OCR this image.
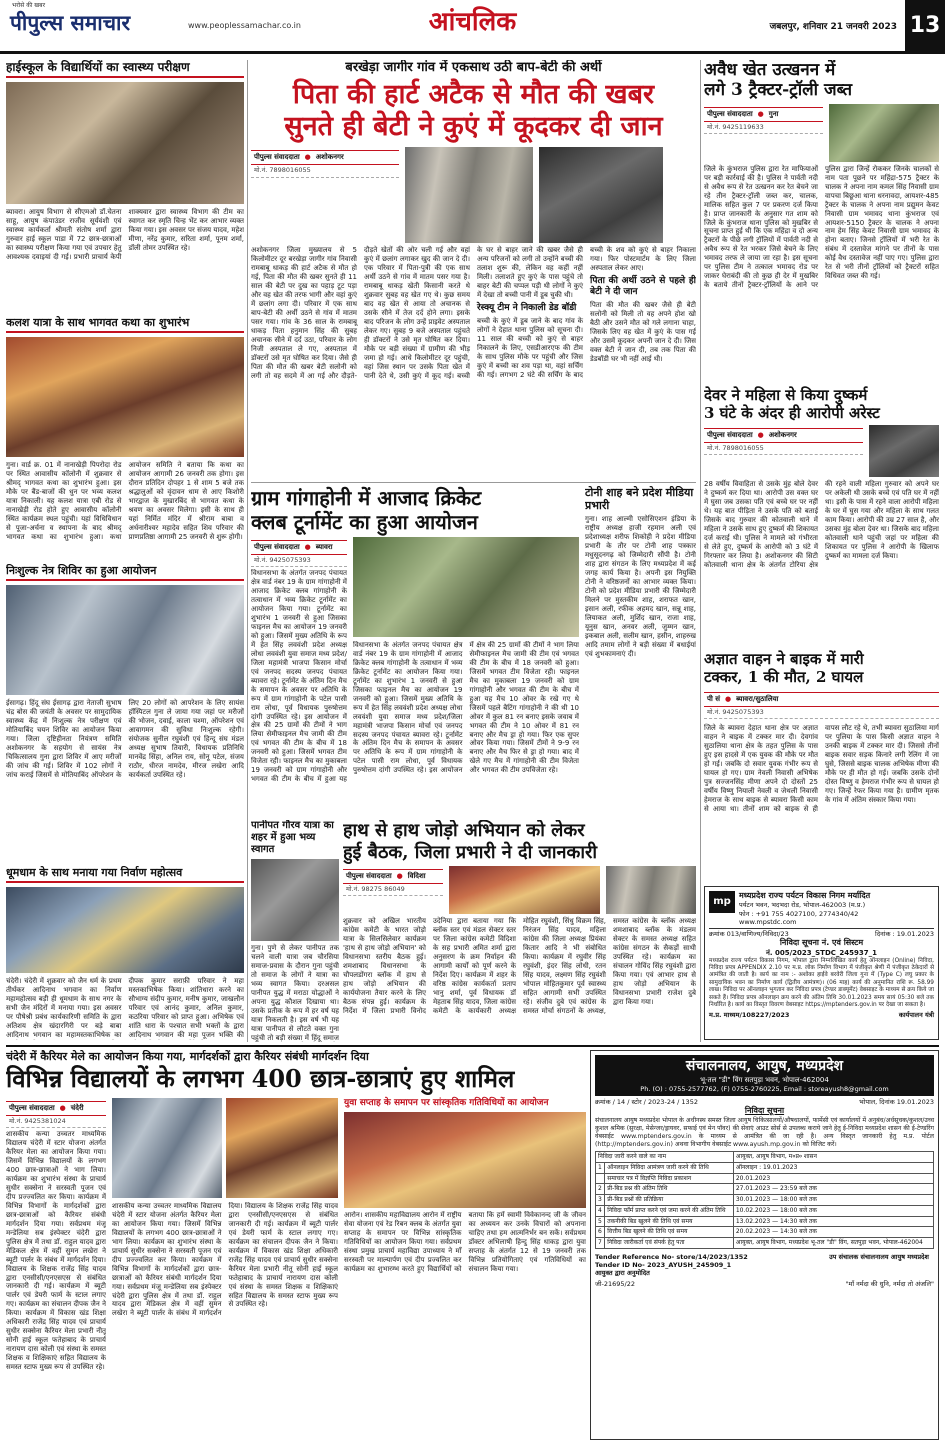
भरोसे की खबर
पीपुल्स समाचार	www.peoplessamachar.co.in	आंचलिक	जबलपुर, शनिवार 21 जनवरी 2023 13
हाईस्कूल के विद्यार्थियों का स्वास्थ्य परीक्षण
ब्यावरा। आयुष विभाग से सीएमओ डॉ.चेतना साहू, आयुष कंपाउंडर राजीव सूर्यवंशी एवं स्वास्थ्य कार्यकर्ता श्रीमती संतोष शर्मा द्वारा गुरुवार हाई स्कूल पाडा में 72 छात्र-छात्राओं का स्वास्थ्य परीक्षण किया गया एवं उपचार हेतु आवश्यक दवाइयां दी गई। प्रभारी प्राचार्य केपी शाक्यवार द्वारा स्वास्थ्य विभाग की टीम का स्वागत कर स्मृति चिन्ह भेंट कर आभार व्यक्त किया गया। इस अवसर पर संजय यादव, महेश मीणा, नरेंद्र कुमार, सरिता शर्मा, पूनम शर्मा, डॉली तोमर उपस्थित रहे।
कलश यात्रा के साथ भागवत कथा का शुभारंभ
गुना। वार्ड क्र. 01 में नानाखेड़ी पिपरोदा रोड पर स्थित आवासीय कॉलोनी में शुक्रवार से श्रीमद् भागवत कथा का शुभारंभ हुआ। इस मौके पर बैंड-बाजों की धुन पर भव्य कलश यात्रा निकाली। यह कलश यात्रा एबी रोड से नानाखेड़ी रोड होते हुए आवासीय कॉलोनी स्थित कार्यक्रम स्थल पहुंची। यहां विधिविधान से पूजा-अर्चना व स्थापना के बाद श्रीमद् भागवत कथा का शुभारंभ हुआ। कथा आयोजन समिति ने बताया कि कथा का आयोजन आगामी 26 जनवरी तक होगा। इस दौरान प्रतिदिन दोपहर 1 से शाम 5 बजे तक श्रद्धालुओं को वृंदावन धाम से आए किशोरी भारद्वाज के मुखारबिंद से भागवत कथा के श्रवण का अवसर मिलेगा। इसी के साथ ही यहां निर्मित मंदिर में श्रीराम बाबा व अर्धनारीश्वर महादेव सहित शिव परिवार की प्राणप्रतिष्ठा आगामी 25 जनवरी से शुरू होगी।
निःशुल्क नेत्र शिविर का हुआ आयोजन
ईसागढ़। हिंदू संघ ईसागढ़ द्वारा नेताजी सुभाष चंद्र बोस की जयंती के अवसर पर सामुदायिक स्वास्थ्य केंद्र में निःशुल्क नेत्र परीक्षण एवं मोतियाबिंद चयन शिविर का आयोजन किया गया। जिला दृष्टिहीनता नियंत्रण समिति अशोकनगर के सहयोग से सायंस नेत्र चिकित्सालय गुना द्वारा शिविर में आए मरीजों की जांच की गई। शिविर में 102 लोगों ने जांच कराई जिसमें से मोतियाबिंद ऑपरेशन के लिए 20 लोगों को आपरेशन के लिए सायंस हॉस्पिटल गुना ले जाया गया जहां पर मरीजों की भोजन, दवाई, काला चश्मा, ऑपरेशन एवं आवागमन की सुविधा निःशुल्क रहेगी। संयोजक सुनील रघुवंशी एवं हिन्दू संघ मंडल अध्यक्ष सुभाष तिवारी, विधायक प्रतिनिधि मानवेंद्र सिंहा, अनिल राय, सोनू पटेल, संजय राठौर, धीरज नामदेव, मीरज लखेरा आदि कार्यकर्ता उपस्थित रहे।
धूमधाम के साथ मनाया गया निर्वाण महोत्सव
चंदेरी। चंदेरी में शुक्रवार को जैन धर्म के प्रथम तीर्थंकर आदिनाथ भगवान का निर्वाण महामहोत्सव बड़ी ही धूमधाम के साथ नगर के सभी जैन मंदिरों में मनाया गया। इस अवसर पर पौषेश्री प्रबंध कार्यकारिणी समिति के द्वारा अतिशय क्षेत्र खंदारगिरी पर बड़े बाबा आदिनाथ भगवान का महामस्तकाभिषेक का दीपक कुमार सराफ़ी परिवार ने महा मस्तकाभिषेक किया। शांतिधारा करने का सौभाग्य संदीप कुमार, मनीष कुमार, जाखलौन परिवार एवं आनंद कुमार, अनिल कुमार, कठरिया परिवार को प्राप्त हुआ। अभिषेक एवं शांति धारा के पश्चात सभी भक्तों के द्वारा आदिनाथ भगवान की महा पूजन भक्ति की
बरखेड़ा जागीर गांव में एकसाथ उठी बाप-बेटी की अर्थी
पिता की हार्ट अटैक से मौत की खबर
सुनते ही बेटी ने कुएं में कूदकर दी जान
पीपुल्स संवाददाता ● अशोकनगर
मो.नं. 7898016055
अशोकनगर जिला मुख्यालय से 5 किलोमीटर दूर बरखेड़ा जागीर गांव निवासी रामबाबू धाकड़ की हार्ट अटैक से मौत हो गई, पिता की मौत की खबर सुनते ही 11 साल की बेटी पर दुख का पहाड़ टूट पड़ा और वह खेत की तरफ भागी और वहां कुएं में छलांग लगा दी। परिवार में एक साथ बाप-बेटी की अर्थी उठने से गांव में मातम पसर गया। गांव के 36 साल के रामबाबू धाकड़ पिता हनुमान सिंह की सुबह अचानक सीने में दर्द उठा, परिवार के लोग निजी अस्पताल ले गए, अस्पताल में डॉक्टरों उसे मृत घोषित कर दिया। जैसे ही पिता की मौत की खबर बेटी सलोनी को लगी तो वह सदमे में आ गई और दौड़ते-दौड़ते खेतों की ओर चली गई और वहां कुएं में छलांग लगाकर खुद की जान दे दी। एक परिवार में पिता-पुत्री की एक साथ अर्थी उठने से गांव में मातम पसर गया है। रामबाबू धाकड़ खेती किसानी करते थे शुक्रवार सुबह वह खेत गए थे। कुछ समय बाद वह खेत से आया तो अचानक से उसके सीने में तेज दर्द होने लगा। इसके बाद परिजन के लोग उन्हें प्राइवेट अस्पताल लेकर गए। सुबह 9 बजे अस्पताल पहुंचते ही डॉक्टरों ने उसे मृत घोषित कर दिया। मौके पर बड़ी संख्या में ग्रामीण की भीड़ जमा हो गई। आधे किलोमीटर दूर पहुंची, वहां जिस स्थान पर उसके पिता खेत में पानी देते थे, उसी कुएं में कूद गई। बच्ची के घर से बाहर जाने की खबर जैसे ही अन्य परिजनों को लगी तो उन्होंने बच्ची की तलाश शुरू की, लेकिन वह कहीं नहीं मिली। तलाशते हुए कुएं के पास पहुंचे तो बाहर बेटी की चप्पल पड़ी थी लोगों ने कुएं में देखा तो बच्ची पानी में डूब चुकी थी।
रेस्क्यू टीम ने निकाली डेड बॉडी
बच्ची के कुएं में डूब जाने के बाद गांव के लोगों ने देहात थाना पुलिस को सूचना दी। 11 साल की बच्ची को कुएं से बाहर निकालने के लिए, एसडीआरएफ की टीम के साथ पुलिस मौके पर पहुंची और जिस कुएं में बच्ची का शव पड़ा था, वहां सर्चिंग की गई। लगभग 2 घंटे की सर्चिंग के बाद बच्ची के शव को कुएं से बाहर निकाला गया। फिर पोस्टमार्टम के लिए जिला अस्पताल लेकर आए।
पिता की अर्थी उठने से पहले ही बेटी ने दी जान
पिता की मौत की खबर जैसे ही बेटी सलोनी को मिली तो वह अपने होश खो बैठी और उसने मौत को गले लगाना चाहा, जिसके लिए वह खेत में कुएं के पास गई और उसमें कूदकर अपनी जान दे दी। जिस वक्त बेटी ने जान दी, तब तक पिता की डेडबॉडी घर भी नहीं आई थी।
ग्राम गांगाहोनी में आजाद क्रिकेट
क्लब टूर्नामेंट का हुआ आयोजन
पीपुल्स संवाददाता ● ब्यावरा
मो.नं. 9425075393
विधानसभा के अंतर्गत जनपद पंचायत क्षेत्र वार्ड नंबर 19 के ग्राम गांगाहोनी में आजाद क्रिकेट क्लब गांगाहोनी के तत्वाधान में भव्य क्रिकेट टूर्नामेंट का आयोजन किया गया। टूर्नामेंट का शुभारंभ 1 जनवरी से हुआ जिसका फाइनल मैच का आयोजन 19 जनवरी को हुआ। जिसमें मुख्य अतिथि के रूप में हेत सिंह लववंशी प्रदेश अध्यक्ष लोधा लववंशी युवा समाज मध्य प्रदेश/जिला महामंत्री भाजपा किसान मोर्चा एवं जनपद सदस्य जनपद पंचायत ब्यावरा रहे। टूर्नामेंट के अंतिम दिन मैच के समापन के अवसर पर अतिथि के रूप में ग्राम गांगाहोनी के पटेल पासी राम लोधा, पूर्व विधायक पुरुषोत्तम दांगी उपस्थित रहे। इस आयोजन में क्षेत्र की 25 ग्रामों की टीमों ने भाग लिया सेमीफाइनल मैच जामी की टीम एवं भगवत की टीम के बीच में 18 जनवरी को हुआ। जिसमें भगवत टीम विजेता रही। फाइनल मैच का मुकाबला 19 जनवरी को ग्राम गांगाहोनी और भगवत की टीम के बीच में हुआ यह
विधानसभा के अंतर्गत जनपद पंचायत क्षेत्र वार्ड नंबर 19 के ग्राम गांगाहोनी में आजाद क्रिकेट क्लब गांगाहोनी के तत्वाधान में भव्य क्रिकेट टूर्नामेंट का आयोजन किया गया। टूर्नामेंट का शुभारंभ 1 जनवरी से हुआ जिसका फाइनल मैच का आयोजन 19 जनवरी को हुआ। जिसमें मुख्य अतिथि के रूप में हेत सिंह लववंशी प्रदेश अध्यक्ष लोधा लववंशी युवा समाज मध्य प्रदेश/जिला महामंत्री भाजपा किसान मोर्चा एवं जनपद सदस्य जनपद पंचायत ब्यावरा रहे। टूर्नामेंट के अंतिम दिन मैच के समापन के अवसर पर अतिथि के रूप में ग्राम गांगाहोनी के पटेल पासी राम लोधा, पूर्व विधायक पुरुषोत्तम दांगी उपस्थित रहे। इस आयोजन में क्षेत्र की 25 ग्रामों की टीमों ने भाग लिया सेमीफाइनल मैच जामी की टीम एवं भगवत की टीम के बीच में 18 जनवरी को हुआ। जिसमें भगवत टीम विजेता रही। फाइनल मैच का मुकाबला 19 जनवरी को ग्राम गांगाहोनी और भगवत की टीम के बीच में हुआ यह मैच 10 ओवर के रखे गए थे जिसमें पहले बैटिंग गांगाहोनी ने की थी 10 ओवर में कुल 81 रन बनाए इसके जवाब में भगवत की टीम ने 10 ओवर में 81 रन बनाए और मैच ड्रा हो गया। फिर एक सुपर ओवर किया गया। जिसमें टीमों ने 9-9 रन बनाए और मैच फिर से ड्रा हो गया। बाद में खेले गए मैच में गांगाहोनी की टीम विजेता और भगवत की टीम उपविजेता रहे।
टोनी शाह बने प्रदेश मीडिया प्रभारी
गुना। शाह आल्मी एसोसिएशन इंडिया के राष्ट्रीय अध्यक्ष हाजी रहमान अली एवं प्रदेशाध्यक्ष शरीफ शिकोही ने प्रदेश मीडिया प्रभारी के तौर पर टोनी शाह पत्रकार मधुसूदनगढ़ को जिम्मेदारी सौंपी है। टोनी शाह द्वारा संगठन के लिए मध्यप्रदेश में कई जगह कार्य किया है। अपनी इस नियुक्ति टोनी ने वरिष्ठजनों का आभार व्यक्त किया। टोनी को प्रदेश मीडिया प्रभारी की जिम्मेदारी मिलने पर मुस्तकीम शाह, शराफत खान, इसान अली, रफीक अहमद खान, सन्नू शाह, लियाकत अली, मुर्शिद खान, राजा शाह, यूनुस खान, अनवर अली, जुम्मन खान, इकबाल अली, सलीम खान, हसीन, शाहरुख आदि तमाम लोगों ने बड़ी संख्या में बधाईयां एवं शुभकामनाएं दी।
पानीपत गौरव यात्रा का शहर में हुआ भव्य स्वागत
गुना। पुणे से लेकर पानीपत तक चलने वाली यात्रा जब चौरसिया समाज-प्रवास के दौरान गुना पहुंची तो समाज के लोगों ने यात्रा का भव्य स्वागत किया। दरअसल पानीपत युद्ध में मराठा योद्धाओं ने अपना युद्ध कौशल दिखाया था। उसके प्रतीक के रूप में हर वर्ष यह यात्रा निकलती है। इस वर्ष भी यह यात्रा पानीपत से लौटते वक्त गुना पहुंची तो बड़ी संख्या में हिंदू समाज
हाथ से हाथ जोड़ो अभियान को लेकर
हुई बैठक, जिला प्रभारी ने दी जानकारी
पीपुल्स संवाददाता ● विदिशा
मो.नं. 98275 86049
शुक्रवार को अखिल भारतीय कांग्रेस कमेटी के भारत जोड़ो यात्रा के सिलसिलेवार कार्यक्रम 'हाथ से हाथ जोड़ो अभियान' को विधानसभा स्तरीय बैठक हुई। शमशाबाद विधानसभा के चौपलडोंगरा ब्लॉक में हाथ से हाथ जोड़ो अभियान की कार्ययोजना तैयार करने के लिए बैठक संपन्न हुई। कार्यक्रम के निर्देश में जिला प्रभारी विनोद उदेनिया द्वारा बताया गया कि ब्लॉक स्तर एवं मंडल सेक्टर स्तर पर जिला कांग्रेस कमेटी विदिशा के सह प्रभारी अमित शर्मा द्वारा अनुसरण के क्रम निर्वाहन की आगामी कार्यों को पूर्ण करने के निर्देश दिए। कार्यक्रम में शहर के वरिष्ठ कांग्रेस कार्यकर्ता प्रताप भानु शर्मा, पूर्व विधायक डॉ मेहताब सिंह यादव, जिला कांग्रेस कमेटी के कार्यकारी अध्यक्ष मोहित रघुवंशी, सिंधु विक्रम सिंह, निरंजन सिंह यादव, महिला कांग्रेस की जिला अध्यक्ष प्रियंका कितार आदि ने भी संबोधित किया। कार्यक्रम में रघुवीर सिंह रघुवंशी, इंदर सिंह लोधी, रतन सिंह यादव, लक्ष्मण सिंह रघुवंशी भोपाल मोहितकुमार पूर्व स्वास्थ्य सहित आगामी सभी उपस्थित रहे। संजीव दुबे एवं कांग्रेस के समस्त मोर्चा संगठनों के अध्यक्ष, समस्त कांग्रेस के ब्लॉक अध्यक्ष शमशाबाद ब्लॉक के मंडलम सेक्टर के समस्त अध्यक्ष सहित कांग्रेस संगठन के सैकड़ों साथी उपस्थित रहे। कार्यक्रम का संचालन गोविंद सिंह रघुवंशी द्वारा किया गया। एवं आभार हाथ से हाथ जोड़ो अभियान के विधानसभा प्रभारी राजेश दुबे द्वारा किया गया।
अवैध खेत उत्खनन में
लगे 3 ट्रैक्टर-ट्रॉली जब्त
पीपुल्स संवाददाता ● गुना
मो.नं. 9425119633
जिले के कुंभराज पुलिस द्वारा रेत माफियाओं पर बड़ी कार्रवाई की है। पुलिस ने पार्वती नदी से अवैध रूप से रेत उत्खनन कर रेत बेचने जा रहे तीन ट्रैक्टर-ट्रॉली जब्त कर, चालक, मालिक सहित कुल 7 पर प्रकरण दर्ज किया है। प्राप्त जानकारी के अनुसार गत शाम को जिले के कुंभराज थाना पुलिस को मुखबिर से सूचना प्राप्त हुई थी कि एक महिंद्रा व दो अन्य ट्रैक्टरों के पीछे लगी ट्रॉलियों में पार्वती नदी से अवैध रूप से रेत भरकर जिसे बेचने के लिए भमावद तरफ ले जाया जा रहा है। इस सूचना पर पुलिस टीम ने तत्काल भमावद रोड पर जाकर घेराबंदी की तो कुछ ही देर में मुखबिर के बताये तीनों ट्रैक्टर-ट्रॉलियों के आने पर पुलिस द्वारा जिन्हें रोककर जिनके चालकों से नाम पता पूछने पर महिंद्रा-575 ट्रैक्टर के चालक ने अपना नाम कमल सिंह निवासी ग्राम वापचा बिछूआ थाना धरनावदा, आयशर-485 ट्रैक्टर के चालक ने अपना नाम प्रद्युमन केवट निवासी ग्राम भमावद थाना कुंभराज एवं आयशर-5150 ट्रैक्टर के चालक ने अपना नाम हेम सिंह केवट निवासी ग्राम भमावद के होना बताए। जिनसे ट्रॉलियों में भरी रेत के संबंध में दस्तावेज मांगने पर तीनों के पास कोई वैध दस्तावेज नहीं पाए गए। पुलिस द्वारा रेत से भरी तीनों ट्रॉलियों को ट्रैक्टरों सहित विधिवत जब्त की गई।
देवर ने महिला से किया दुष्कर्म
3 घंटे के अंदर ही आरोपी अरेस्ट
पीपुल्स संवाददाता ● अशोकनगर
मो.नं. 7898016055
28 वर्षीय विवाहिता से उसके मुंह बोले देवर ने दुष्कर्म कर दिया था। आरोपी उस वक्त घर में घुसा जब उसका पति एवं बच्चे घर पर नहीं थे। यह बात पीड़िता ने उसके पति को बताई जिसके बाद गुरुवार की कोतवाली थाने में महिला ने उसके साथ हुए दुष्कर्म की शिकायत दर्ज कराई थी। पुलिस ने मामले को गंभीरता से लेते हुए, दुष्कर्म के आरोपी को 3 घंटे में गिरफ्तार कर लिया है। अशोकनगर की सिटी कोतवाली थाना क्षेत्र के अंतर्गत टोरिया क्षेत्र की रहने वाली महिला गुरुवार को अपने घर पर अकेली थी उसके बच्चे एवं पति घर में नहीं था। इसी के पास में रहने वाला आरोपी महिला के घर में घुस गया और महिला के साथ गलत काम किया। आरोपी की उम्र 27 साल है, और उसका मुंह बोला देवर था। जिसके बाद महिला कोतवाली थाने पहुंची जहां पर महिला की शिकायत पर पुलिस ने आरोपी के खिलाफ दुष्कर्म का मामला दर्ज किया।
अज्ञात वाहन ने बाइक में मारी
टक्कर, 1 की मौत, 2 घायल
पी सं ● ब्यावरा/सुठालिया
मो.नं. 9425075393
जिले के ब्यावरा देहात थाना क्षेत्र पर अज्ञात वाहन ने बाइक में टक्कर मार दी। देवगांव सुठालिया थाना क्षेत्र के तहत पुलिस के पास हुए इस हादसे में एक युवक की मौके पर मौत हो गई। जबकि दो सवार युवक गंभीर रूप से घायल हो गए। ग्राम नेवली निवासी अभिषेक पुत्र सज्जनसिंह मीणा अपने दो दोस्तों 25 वर्षीय विष्णु नियाली नेवली व जेथली निवासी हेमराज के साथ बाइक से ब्यावरा किसी काम से आया था। तीनों शाम को बाइक से ही वापस लौट रहे थे, तभी ब्यावरा सुठालिया मार्ग पर पुलिया के पास किसी अज्ञात वाहन ने उनकी बाइक में टक्कर मार दी। जिससे तीनों बाइक सवार सड़क किनारे लगी रेलिंग में जा घुसे, जिससे बाइक चालक अभिषेक मीणा की मौके पर ही मौत हो गई। जबकि उसके दोनों दोस्त विष्णु व हेमराज गंभीर रूप से घायल हो गए। जिन्हें रेफर किया गया है। ग्रामीण मृतक के गांव में अंतिम संस्कार किया गया।
mp
मध्यप्रदेश राज्य पर्यटन विकास निगम मर्यादित
पर्यटन भवन, भदभदा रोड, भोपाल-462003 (म.प्र.)
फोन : +91 755 4027100, 2774340/42
www.mpstdc.com
क्रमांक 013/वाणिज्य/निविदा/23	दिनांक : 19.01.2023
निविदा सूचना नं. एवं सिस्टम
नं. 005/2023_STDC_245937_1
मध्यप्रदेश राज्य पर्यटन विकास निगम, भोपाल द्वारा निम्नलिखित कार्य हेतु ऑनलाइन (Online) निविदा, निविदा प्रपत्र APPENDIX 2.10 पर म.प्र. लोक निर्माण विभाग में पंजीकृत श्रेणी में पंजीकृत ठेकेदारों से आमंत्रित की जाती है। कार्य का नाम :- अशोका हाईवे बरवेरी जिला गुना में (Type C) लघु प्रकार के सामुदायिक भवन का निर्माण कार्य (द्वितीय आमंत्रण)। (06 माह) कार्य की अनुमानित राशि रू. 58.99 लाख। निविदा पर ऑनलाइन भुगतान कर निविदा प्रपत्र (टेण्डर डाक्यूमेंट) वेबसाइट के माध्यम से क्रय किये जा सकते हैं। निविदा प्रपत्र ऑनलाइन क्रय करने की अंतिम तिथि 30.01.2023 समय सायं 05:30 बजे तक निर्धारित है। कार्य का विस्तृत विवरण वेबसाइट https://mptenders.gov.in पर देखा जा सकता है।
म.प्र. माध्यम/108227/2023	कार्यपालन यंत्री
चंदेरी में कैरियर मेले का आयोजन किया गया, मार्गदर्शकों द्वारा कैरियर संबंधी मार्गदर्शन दिया
विभिन्न विद्यालयों के लगभग 400 छात्र-छात्राएं हुए शामिल
पीपुल्स संवाददाता ● चंदेरी
मो.नं. 9425381024
शासकीय कन्या उच्चतर माध्यमिक विद्यालय चंदेरी में स्टार योजना अंतर्गत कैरियर मेला का आयोजन किया गया। जिसमें विभिन्न विद्यालयों के लगभग 400 छात्र-छात्राओं ने भाग लिया। कार्यक्रम का शुभारंभ संस्था के प्राचार्य सुधीर सक्सेना ने सरस्वती पूजन एवं दीप प्रज्ज्वलित कर किया। कार्यक्रम में विभिन्न विभागों के मार्गदर्शकों द्वारा छात्र-छात्राओं को कैरियर संबंधी मार्गदर्शन दिया गया। सर्वप्रथम मंजू मन्डेलिया सब इंस्पेक्टर चंदेरी द्वारा पुलिस क्षेत्र में तथा डॉ. राहुल यादव द्वारा मेडिकल क्षेत्र में वहीं सुमन लखेरा ने ब्यूटी पार्लर के संबंध में मार्गदर्शन दिया। विद्यालय के शिक्षक राजेंद्र सिंह यादव द्वारा एनसीसी/एनएसएस से संबंधित जानकारी दी गई। कार्यक्रम में ब्यूटी पार्लर एवं डेयरी फार्म के स्टाल लगाए गए। कार्यक्रम का संचालन दीपक जैन ने किया। कार्यक्रम में विकास खंड शिक्षा अधिकारी राजेंद्र सिंह यादव एवं प्राचार्य सुधीर सक्सेना कैरियर मेला प्रभारी नीतू सोनी हाई स्कूल फतेहाबाद के प्राचार्य नारायण दास कोली एवं संस्था के समस्त शिक्षक व शिक्षिकाएं सहित विद्यालय के समस्त स्टाफ मुख्य रूप से उपस्थित रहे।
शासकीय कन्या उच्चतर माध्यमिक विद्यालय चंदेरी में स्टार योजना अंतर्गत कैरियर मेला का आयोजन किया गया। जिसमें विभिन्न विद्यालयों के लगभग 400 छात्र-छात्राओं ने भाग लिया। कार्यक्रम का शुभारंभ संस्था के प्राचार्य सुधीर सक्सेना ने सरस्वती पूजन एवं दीप प्रज्ज्वलित कर किया। कार्यक्रम में विभिन्न विभागों के मार्गदर्शकों द्वारा छात्र-छात्राओं को कैरियर संबंधी मार्गदर्शन दिया गया। सर्वप्रथम मंजू मन्डेलिया सब इंस्पेक्टर चंदेरी द्वारा पुलिस क्षेत्र में तथा डॉ. राहुल यादव द्वारा मेडिकल क्षेत्र में वहीं सुमन लखेरा ने ब्यूटी पार्लर के संबंध में मार्गदर्शन दिया। विद्यालय के शिक्षक राजेंद्र सिंह यादव द्वारा एनसीसी/एनएसएस से संबंधित जानकारी दी गई। कार्यक्रम में ब्यूटी पार्लर एवं डेयरी फार्म के स्टाल लगाए गए। कार्यक्रम का संचालन दीपक जैन ने किया। कार्यक्रम में विकास खंड शिक्षा अधिकारी राजेंद्र सिंह यादव एवं प्राचार्य सुधीर सक्सेना कैरियर मेला प्रभारी नीतू सोनी हाई स्कूल फतेहाबाद के प्राचार्य नारायण दास कोली एवं संस्था के समस्त शिक्षक व शिक्षिकाएं सहित विद्यालय के समस्त स्टाफ मुख्य रूप से उपस्थित रहे।
युवा सप्ताह के समापन पर सांस्कृतिक गतिविधियों का आयोजन
आरोन। शासकीय महाविद्यालय आरोन में राष्ट्रीय सेवा योजना एवं रेड रिबन क्लब के अंतर्गत युवा सप्ताह के समापन पर विभिन्न सांस्कृतिक गतिविधियों का आयोजन किया गया। सर्वप्रथम संस्था प्रमुख प्राचार्य महाविद्या उपाध्याय ने माँ सरस्वती पर माल्यार्पण एवं दीप प्रज्वलित कर कार्यक्रम का शुभारम्भ करते हुए विद्यार्थियों को बताया कि हमें स्वामी विवेकानन्द जी के जीवन का अध्ययन कर उनके विचारों को अपनाना चाहिए तथा हम आत्मनिर्भर बन सकें। सर्वप्रथम डॉक्टर अभिलाषी हिन्दु सिंह धाकड़ द्वारा युवा सप्ताह के अंतर्गत 12 से 19 जनवरी तक विभिन्न प्रतियोगिताएं एवं गतिविधियों का संचालन किया गया।
संचालनालय, आयुष, मध्यप्रदेश
भू-तल "डी" विंग सतपुड़ा भवन, भोपाल-462004
Ph. (O) : 0755-2577762, (F) 0755-2760225, Email : storeayush8@gmail.com
क्रमांक / 14 / स्टोर / 2023-24 / 1352	भोपाल, दिनांक 19.01.2023
निविदा सूचना
संचालनालय आयुष मध्यप्रदेश भोपाल के अधीनस्थ समस्त जिला आयुष चिकित्सालयों/औषधालयों, फार्मेसी एवं कार्यालयों में अनुबंध/अर्धसूचक/कुशल/उच्च कुशल श्रमिक (सुरक्षा, मेसेन्जर/ड्रायवर, सफाई एवं मेन पॉवर) की सेवाएं आउट सोर्स से उपलब्ध कराये जाने हेतु ई-निविदा मध्यप्रदेश शासन की ई-टेण्डरिंग वेबसाईट www.mptenders.gov.in के माध्यम से आमंत्रित की जा रही है। अन्य विस्तृत जानकारी हेतु म.प्र. पोर्टल (http://mptenders.gov.in) अथवा विभागीय वेबसाईट www.ayush.mp.gov.in को विजिट करें।
निविदा जारी करने वाले का नाम		आयुक्त, आयुष विभाग, म०प्र० शासन
1	ऑनलाइन निविदा आमंत्रण जारी करने की तिथि	ऑनलाइन : 19.01.2023
	समाचार पत्र में विज्ञप्ति निविदा प्रकाशन	20.01.2023
2	प्री-बिड प्रश्न की अंतिम तिथि	27.01.2023 — 23:59 बजे तक
3	प्री-बिड प्रश्नों की प्रतिक्रिया	30.01.2023 — 18:00 बजे तक
4	निविदा फॉर्म प्राप्त करने एवं जमा करने की अंतिम तिथि	10.02.2023 — 18:00 बजे तक
5	तकनीकी बिड खुलने की तिथि एवं समय	13.02.2023 — 14:30 बजे तक
6	वित्तीय बिड खुलने की तिथि एवं समय	20.02.2023 — 14:30 बजे तक
7	निविदा जारीकर्ता एवं संपर्क हेतु पता	आयुक्त, आयुष विभाग, मध्यप्रदेश भू-तल "डी" विंग, सतपुड़ा भवन, भोपाल-462004
Tender Reference No- store/14/2023/1352
Tender ID No- 2023_AYUSH_245909_1
आयुक्त द्वारा अनुमोदित
उप संचालक संचालनालय आयुष मध्यप्रदेश
जी-21695/22	"माँ नर्मदा की धुनि, नर्मदा तो अंजलि"
